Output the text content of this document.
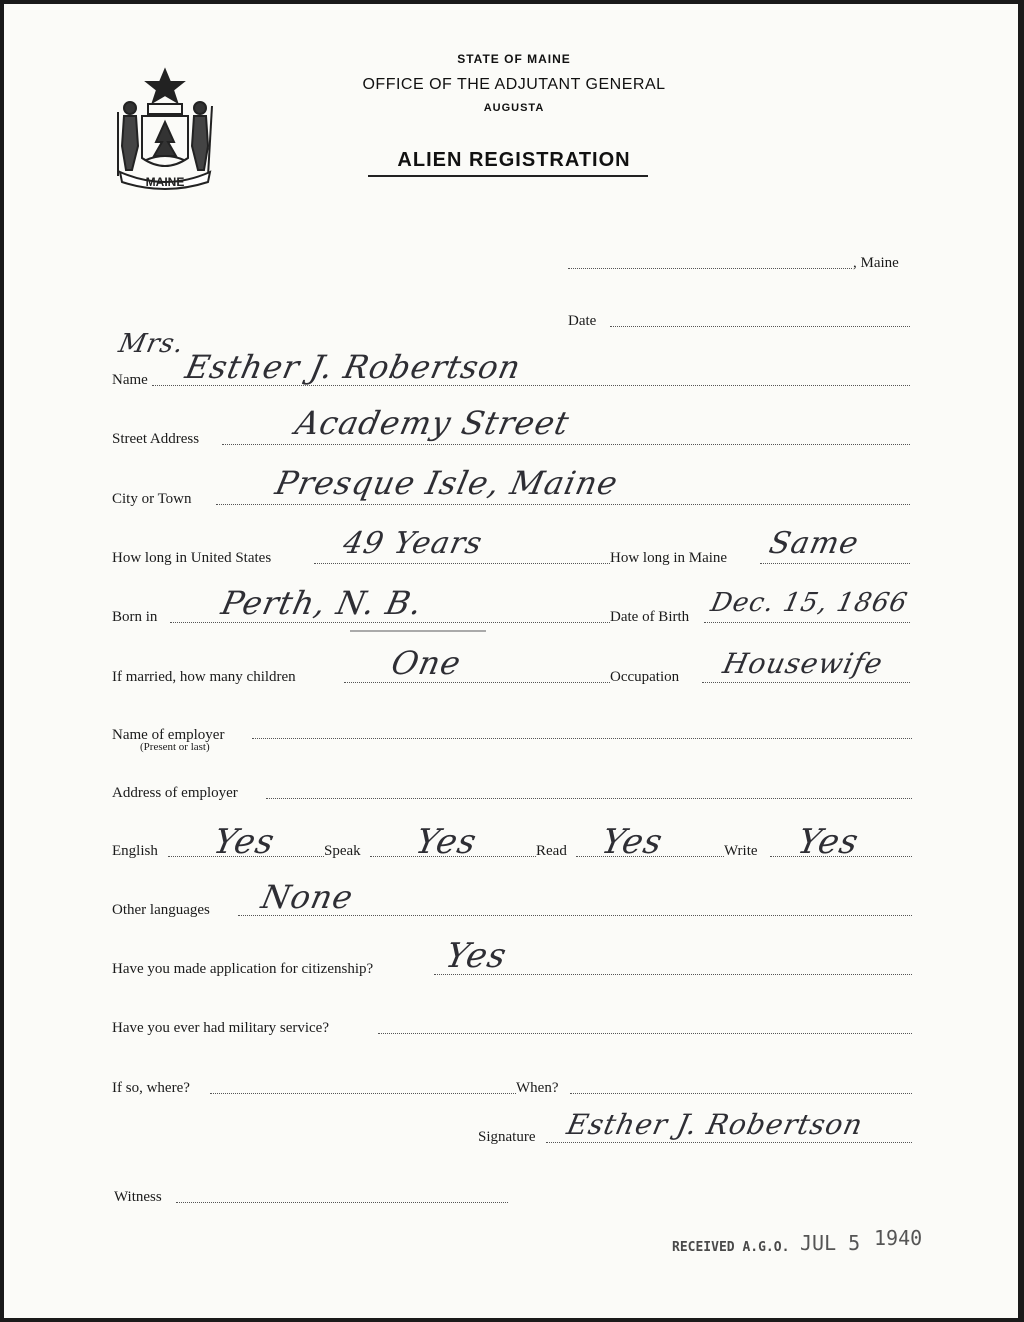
MAINE
STATE OF MAINE
OFFICE OF THE ADJUTANT GENERAL
AUGUSTA
ALIEN REGISTRATION
, Maine
Date
Mrs.
Name Esther J. Robertson
Street Address	Academy Street
City or Town	Presque Isle, Maine
How long in United States 49 Years	How long in Maine Same
Born in Perth, N. B.	Date of Birth Dec. 15, 1866
If married, how many children	One	Occupation Housewife
Name of employer
(Present or last)
Address of employer
English Yes	Speak Yes	Read Yes	Write Yes
Other languages None
Have you made application for citizenship? Yes
Have you ever had military service?
If so, where?	When?
Signature Esther J. Robertson
Witness
RECEIVED A.G.O. JUL 5 1940
